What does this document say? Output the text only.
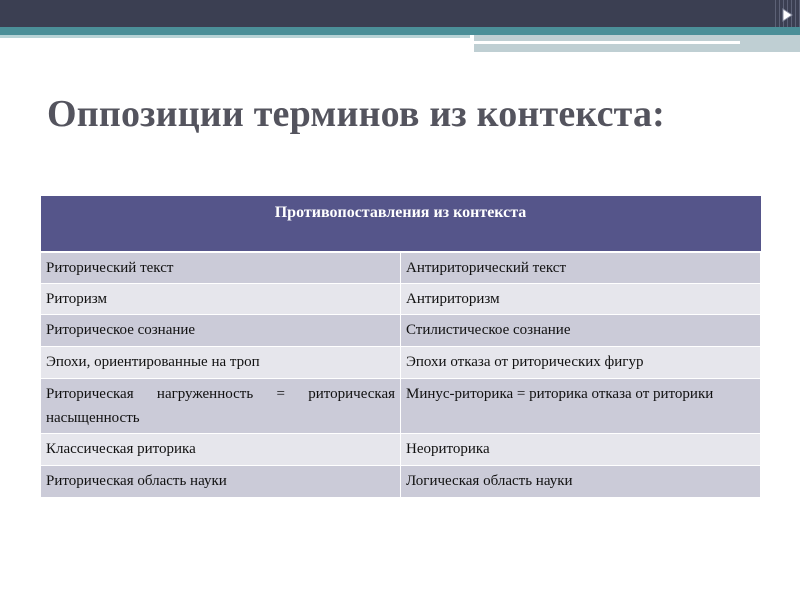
Оппозиции терминов из контекста:
Противопоставления из контекста	
Риторический текст	Антириторический текст
Риторизм	Антириторизм
Риторическое сознание	Стилистическое сознание
Эпохи, ориентированные на троп	Эпохи отказа от риторических фигур
Риторическая нагруженность = риторическая насыщенность	Минус-риторика = риторика отказа от риторики
Классическая риторика	Неориторика
Риторическая область науки	Логическая область науки
